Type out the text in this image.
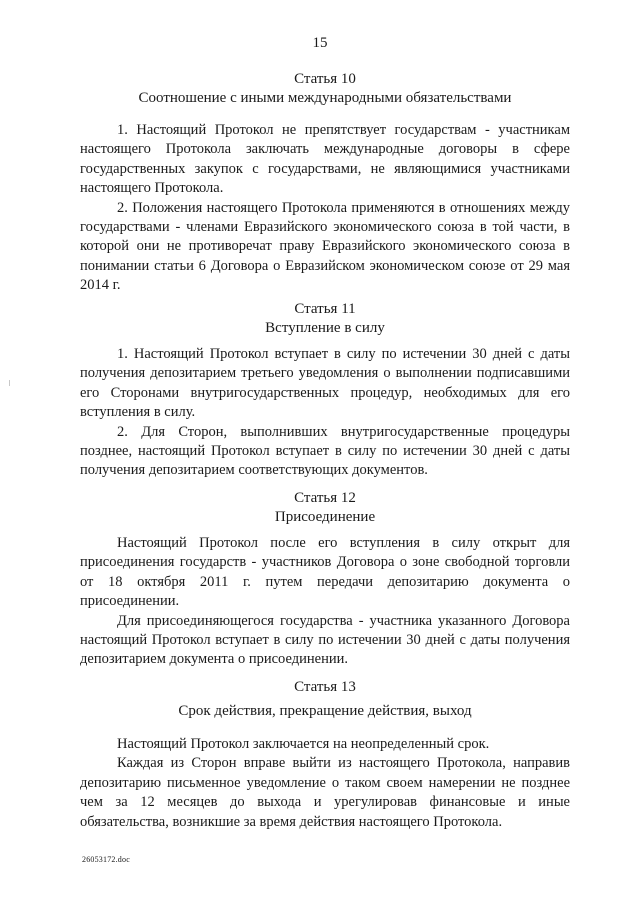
15

Статья 10

Соотношение с иными международными обязательствами

1. Настоящий Протокол не препятствует государствам - участникам настоящего Протокола заключать международные договоры в сфере государственных закупок с государствами, не являющимися участниками настоящего Протокола.

2. Положения настоящего Протокола применяются в отношениях между государствами - членами Евразийского экономического союза в той части, в которой они не противоречат праву Евразийского экономического союза в понимании статьи 6 Договора о Евразийском экономическом союзе от 29 мая 2014 г.

Статья 11

Вступление в силу

1. Настоящий Протокол вступает в силу по истечении 30 дней с даты получения депозитарием третьего уведомления о выполнении подписавшими его Сторонами внутригосударственных процедур, необходимых для его вступления в силу.

2. Для Сторон, выполнивших внутригосударственные процедуры позднее, настоящий Протокол вступает в силу по истечении 30 дней с даты получения депозитарием соответствующих документов.

Статья 12

Присоединение

Настоящий Протокол после его вступления в силу открыт для присоединения государств - участников Договора о зоне свободной торговли от 18 октября 2011 г. путем передачи депозитарию документа о присоединении.

Для присоединяющегося государства - участника указанного Договора настоящий Протокол вступает в силу по истечении 30 дней с даты получения депозитарием документа о присоединении.

Статья 13

Срок действия, прекращение действия, выход

Настоящий Протокол заключается на неопределенный срок.

Каждая из Сторон вправе выйти из настоящего Протокола, направив депозитарию письменное уведомление о таком своем намерении не позднее чем за 12 месяцев до выхода и урегулировав финансовые и иные обязательства, возникшие за время действия настоящего Протокола.

26053172.doc
